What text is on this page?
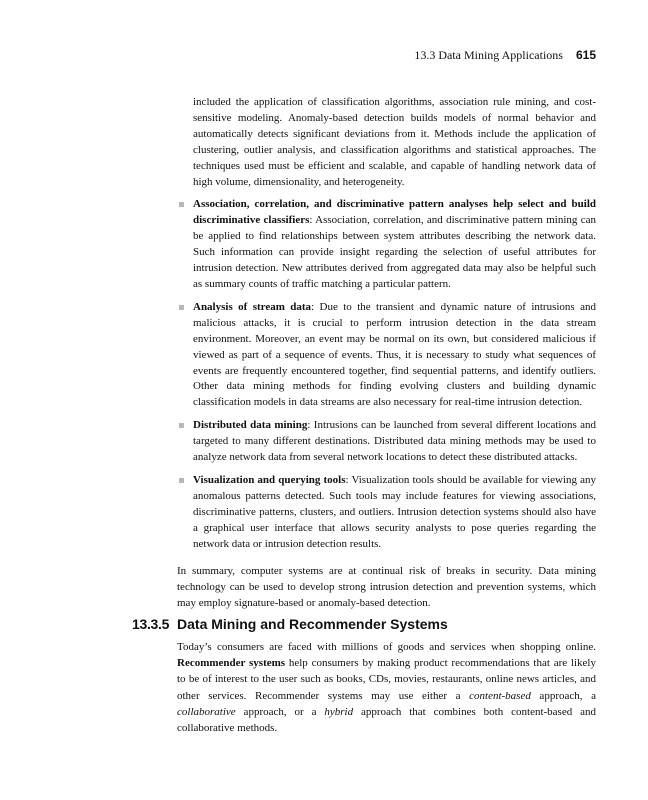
13.3 Data Mining Applications 615

included the application of classification algorithms, association rule mining, and cost-sensitive modeling. Anomaly-based detection builds models of normal behavior and automatically detects significant deviations from it. Methods include the application of clustering, outlier analysis, and classification algorithms and statistical approaches. The techniques used must be efficient and scalable, and capable of handling network data of high volume, dimensionality, and heterogeneity.

Association, correlation, and discriminative pattern analyses help select and build discriminative classifiers: Association, correlation, and discriminative pattern mining can be applied to find relationships between system attributes describing the network data. Such information can provide insight regarding the selection of useful attributes for intrusion detection. New attributes derived from aggregated data may also be helpful such as summary counts of traffic matching a particular pattern.
Analysis of stream data: Due to the transient and dynamic nature of intrusions and malicious attacks, it is crucial to perform intrusion detection in the data stream environment. Moreover, an event may be normal on its own, but considered malicious if viewed as part of a sequence of events. Thus, it is necessary to study what sequences of events are frequently encountered together, find sequential patterns, and identify outliers. Other data mining methods for finding evolving clusters and building dynamic classification models in data streams are also necessary for real-time intrusion detection.
Distributed data mining: Intrusions can be launched from several different locations and targeted to many different destinations. Distributed data mining methods may be used to analyze network data from several network locations to detect these distributed attacks.
Visualization and querying tools: Visualization tools should be available for viewing any anomalous patterns detected. Such tools may include features for viewing associations, discriminative patterns, clusters, and outliers. Intrusion detection systems should also have a graphical user interface that allows security analysts to pose queries regarding the network data or intrusion detection results.

In summary, computer systems are at continual risk of breaks in security. Data mining technology can be used to develop strong intrusion detection and prevention systems, which may employ signature-based or anomaly-based detection.

13.3.5 Data Mining and Recommender Systems

Today’s consumers are faced with millions of goods and services when shopping online. Recommender systems help consumers by making product recommendations that are likely to be of interest to the user such as books, CDs, movies, restaurants, online news articles, and other services. Recommender systems may use either a content-based approach, a collaborative approach, or a hybrid approach that combines both content-based and collaborative methods.
